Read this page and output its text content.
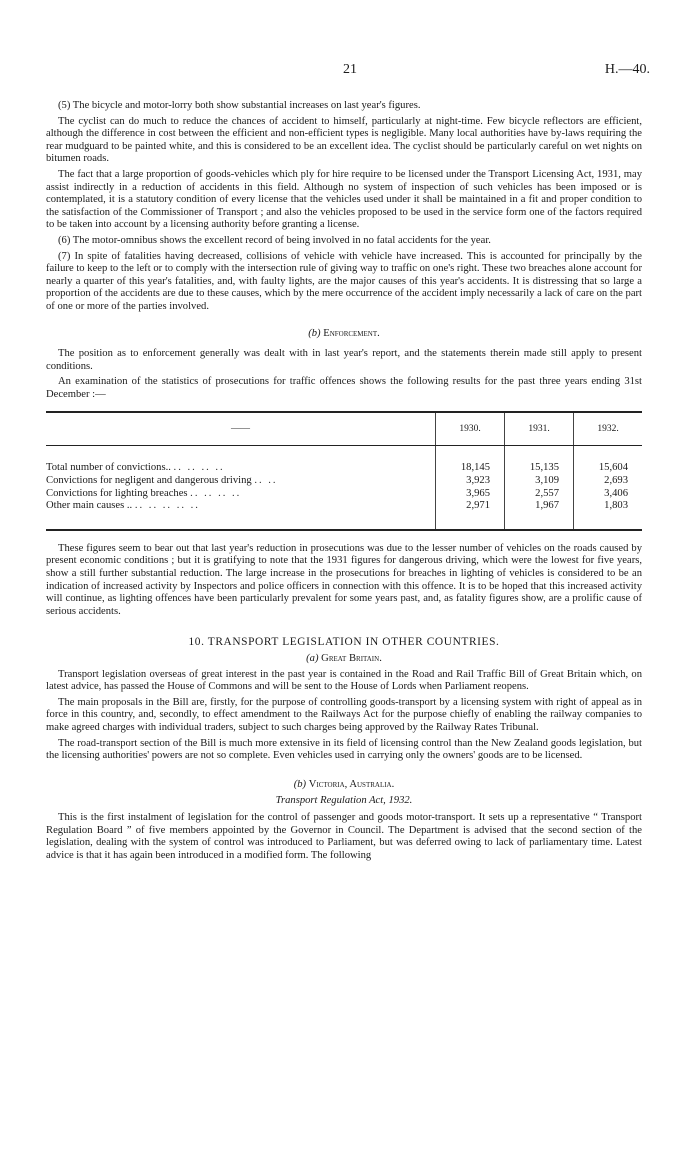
21	H.—40.

(5) The bicycle and motor-lorry both show substantial increases on last year's figures.

The cyclist can do much to reduce the chances of accident to himself, particularly at night-time. Few bicycle reflectors are efficient, although the difference in cost between the efficient and non-efficient types is negligible. Many local authorities have by-laws requiring the rear mudguard to be painted white, and this is considered to be an excellent idea. The cyclist should be particularly careful on wet nights on bitumen roads.

The fact that a large proportion of goods-vehicles which ply for hire require to be licensed under the Transport Licensing Act, 1931, may assist indirectly in a reduction of accidents in this field. Although no system of inspection of such vehicles has been imposed or is contemplated, it is a statutory condition of every license that the vehicles used under it shall be maintained in a fit and proper condition to the satisfaction of the Commissioner of Transport ; and also the vehicles proposed to be used in the service form one of the factors required to be taken into account by a licensing authority before granting a license.

(6) The motor-omnibus shows the excellent record of being involved in no fatal accidents for the year.

(7) In spite of fatalities having decreased, collisions of vehicle with vehicle have increased. This is accounted for principally by the failure to keep to the left or to comply with the intersection rule of giving way to traffic on one's right. These two breaches alone account for nearly a quarter of this year's fatalities, and, with faulty lights, are the major causes of this year's accidents. It is distressing that so large a proportion of the accidents are due to these causes, which by the mere occurrence of the accident imply necessarily a lack of care on the part of one or more of the parties involved.

(b) Enforcement.

The position as to enforcement generally was dealt with in last year's report, and the statements therein made still apply to present conditions.

An examination of the statistics of prosecutions for traffic offences shows the following results for the past three years ending 31st December :—

——	1930.	1931.	1932.
Total number of convictions.. .. .. .. ..	18,145	15,135	15,604
Convictions for negligent and dangerous driving .. ..	3,923	3,109	2,693
Convictions for lighting breaches .. .. .. ..	3,965	2,557	3,406
Other main causes .. .. .. .. .. ..	2,971	1,967	1,803

These figures seem to bear out that last year's reduction in prosecutions was due to the lesser number of vehicles on the roads caused by present economic conditions ; but it is gratifying to note that the 1931 figures for dangerous driving, which were the lowest for five years, show a still further substantial reduction. The large increase in the prosecutions for breaches in lighting of vehicles is considered to be an indication of increased activity by Inspectors and police officers in connection with this offence. It is to be hoped that this increased activity will continue, as lighting offences have been particularly prevalent for some years past, and, as fatality figures show, are a prolific cause of serious accidents.

10. TRANSPORT LEGISLATION IN OTHER COUNTRIES.
(a) Great Britain.

Transport legislation overseas of great interest in the past year is contained in the Road and Rail Traffic Bill of Great Britain which, on latest advice, has passed the House of Commons and will be sent to the House of Lords when Parliament reopens.

The main proposals in the Bill are, firstly, for the purpose of controlling goods-transport by a licensing system with right of appeal as in force in this country, and, secondly, to effect amendment to the Railways Act for the purpose chiefly of enabling the railway companies to make agreed charges with individual traders, subject to such charges being approved by the Railway Rates Tribunal.

The road-transport section of the Bill is much more extensive in its field of licensing control than the New Zealand goods legislation, but the licensing authorities' powers are not so complete. Even vehicles used in carrying only the owners' goods are to be licensed.

(b) Victoria, Australia.
Transport Regulation Act, 1932.

This is the first instalment of legislation for the control of passenger and goods motor-transport. It sets up a representative “ Transport Regulation Board ” of five members appointed by the Governor in Council. The Department is advised that the second section of the legislation, dealing with the system of control was introduced to Parliament, but was deferred owing to lack of parliamentary time. Latest advice is that it has again been introduced in a modified form. The following
